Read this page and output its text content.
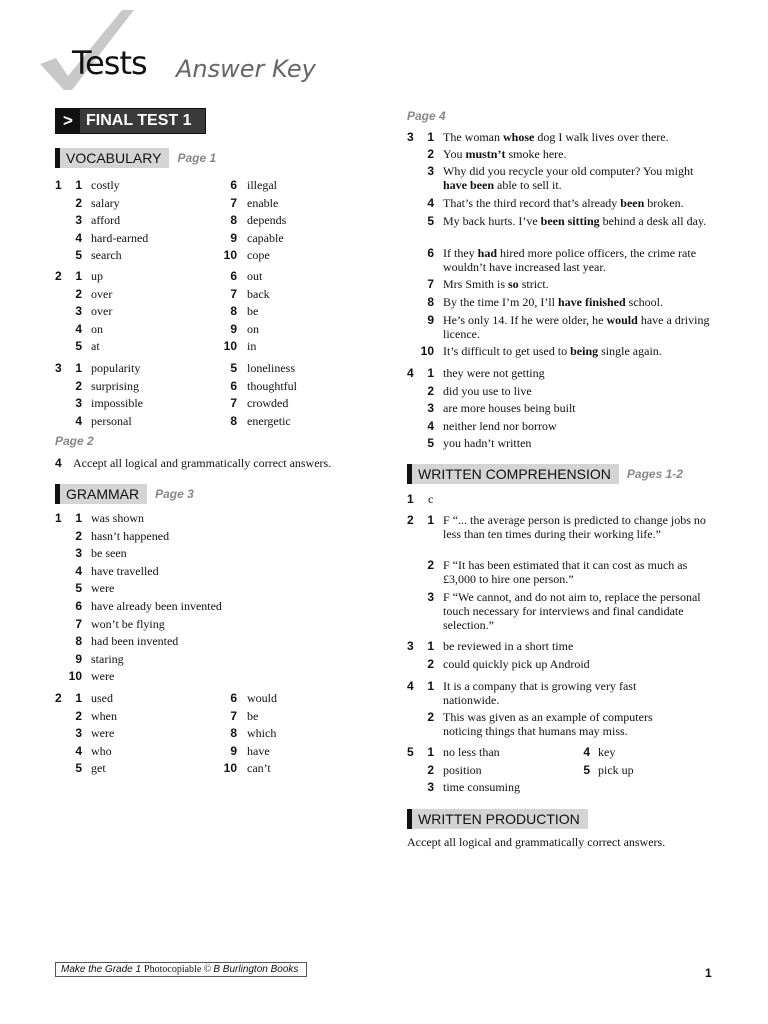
Tests Answer Key
> FINAL TEST 1
Make the Grade 1 Photocopiable © B Burlington Books	1
VOCABULARY	Page 1
1	1 costly
2 salary
3 afford
4 hard-earned
5 search
6 illegal
7 enable
8 depends
9 capable
10 cope
2	1 up
2 over
3 over
4 on
5 at
6 out
7 back
8 be
9 on
10 in
3	1 popularity
2 surprising
3 impossible
4 personal
5 loneliness
6 thoughtful
7 crowded
8 energetic
Page 2
4 Accept all logical and grammatically correct answers.
GRAMMAR	Page 3
1	1 was shown
2 hasn’t happened
3 be seen
4 have travelled
5 were
6 have already been invented
7 won’t be flying
8 had been invented
9 staring
10 were
2	1 used
2 when
3 were
4 who
5 get
6 would
7 be
8 which
9 have
10 can’t
Page 4
3	1 The woman whose dog I walk lives over there.
2 You mustn’t smoke here.
3 Why did you recycle your old computer? You might have been able to sell it.
4 That’s the third record that’s already been broken.
5 My back hurts. I’ve been sitting behind a desk all day.
6 If they had hired more police officers, the crime rate wouldn’t have increased last year.
7 Mrs Smith is so strict.
8 By the time I’m 20, I’ll have finished school.
9 He’s only 14. If he were older, he would have a driving licence.
10 It’s difficult to get used to being single again.
4	1 they were not getting
2 did you use to live
3 are more houses being built
4 neither lend nor borrow
5 you hadn’t written
WRITTEN COMPREHENSION	Pages 1-2
1 c
2	1 F “... the average person is predicted to change jobs no less than ten times during their working life.”
2 F “It has been estimated that it can cost as much as £3,000 to hire one person.”
3 F “We cannot, and do not aim to, replace the personal touch necessary for interviews and final candidate selection.”
3	1 be reviewed in a short time
2 could quickly pick up Android
4	1 It is a company that is growing very fast nationwide.
2 This was given as an example of computers noticing things that humans may miss.
5	1 no less than
2 position
3 time consuming
4 key
5 pick up
WRITTEN PRODUCTION
Accept all logical and grammatically correct answers.
